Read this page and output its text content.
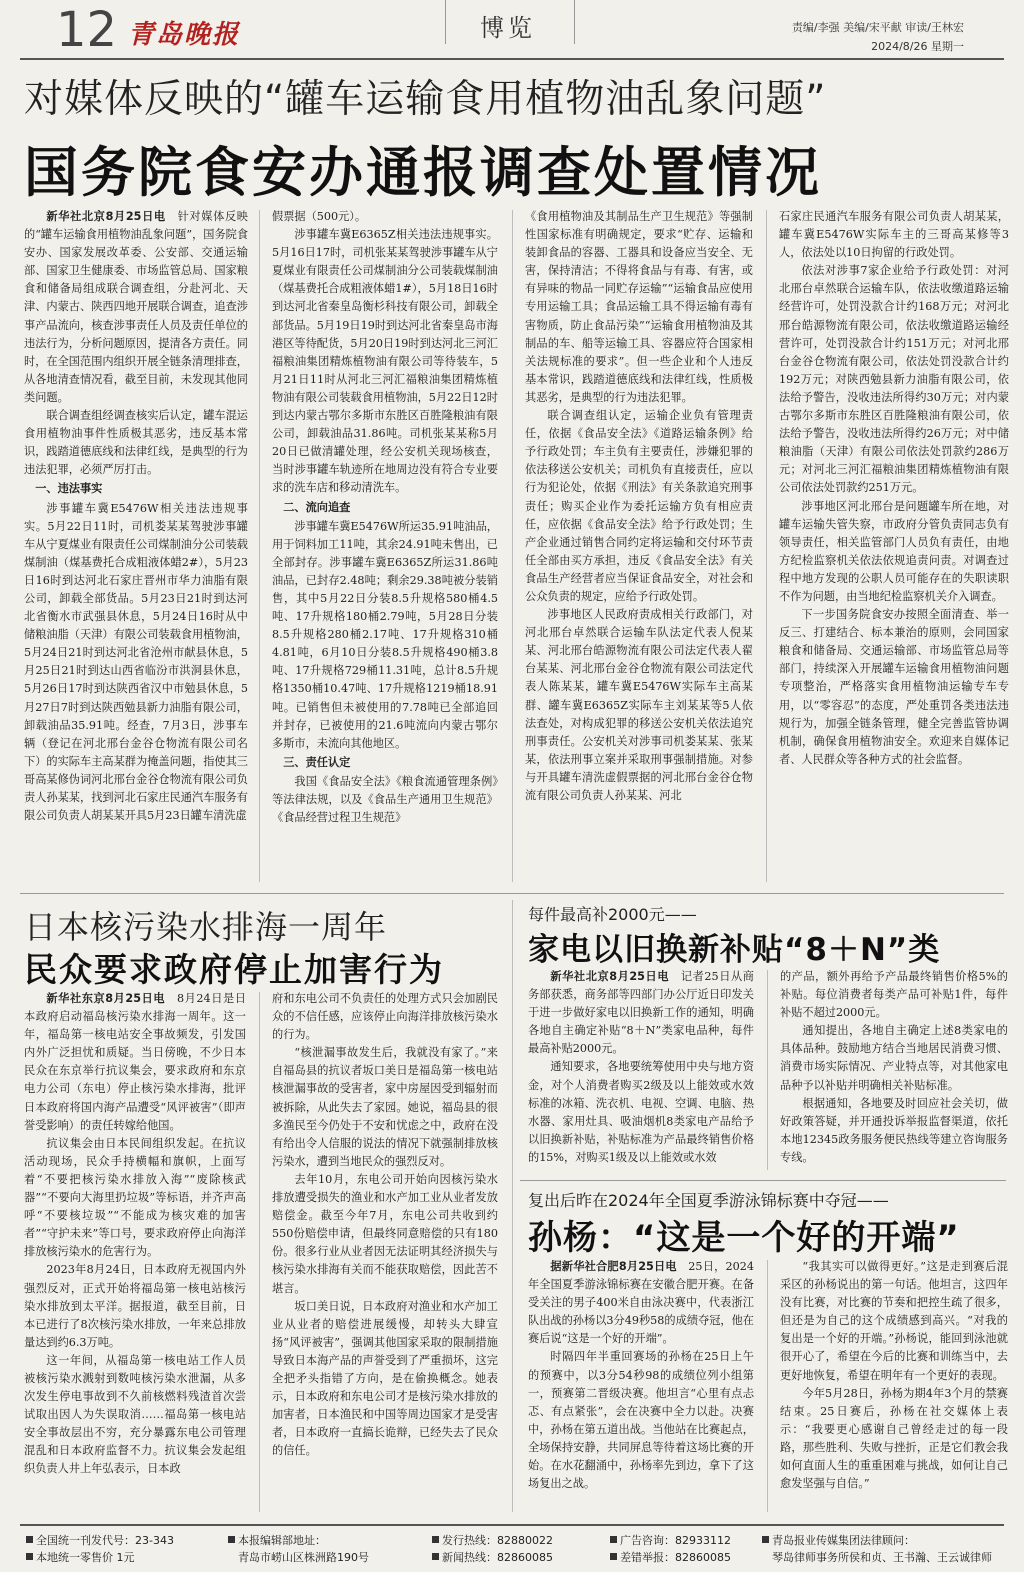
12 青岛晚报	博览	责编/李强 美编/宋平献 审读/王林宏
2024/8/26 星期一
对媒体反映的“罐车运输食用植物油乱象问题”
国务院食安办通报调查处置情况

新华社北京8月25日电　 针对媒体反映的“罐车运输食用植物油乱象问题”，国务院食安办、国家发展改革委、公安部、交通运输部、国家卫生健康委、市场监管总局、国家粮食和储备局组成联合调查组，分赴河北、天津、内蒙古、陕西四地开展联合调查，追查涉事产品流向，核查涉事责任人员及责任单位的违法行为，分析问题原因，提清各方责任。同时，在全国范围内组织开展全链条清理排查，从各地清查情况看，截至目前，未发现其他同类问题。

联合调查组经调查核实后认定，罐车混运食用植物油事件性质极其恶劣，违反基本常识，践踏道德底线和法律红线，是典型的行为违法犯罪，必须严厉打击。

一、违法事实

涉事罐车冀E5476W相关违法违规事实。5月22日11时，司机娄某某驾驶涉事罐车从宁夏煤业有限责任公司煤制油分公司装载煤制油（煤基费托合成粗液体蜡2#），5月23日16时到达河北石家庄晋州市华力油脂有限公司，卸载全部货品。5月23日21时到达河北省衡水市武强县休息，5月24日16时从中储粮油脂（天津）有限公司装载食用植物油，5月24日21时到达河北省沧州市献县休息，5月25日21时到达山西省临汾市洪洞县休息，5月26日17时到达陕西省汉中市勉县休息，5月27日7时到达陕西勉县新力油脂有限公司，卸载油品35.91吨。经查，7月3日，涉事车辆（登记在河北邢台金谷仓物流有限公司名下）的实际车主高某群为掩盖问题，指使其三哥高某修伪词河北邢台金谷仓物流有限公司负责人孙某某，找到河北石家庄民通汽车服务有限公司负责人胡某某开具5月23日罐车清洗虚

假票据（500元）。

涉事罐车冀E6365Z相关违法违规事实。5月16日17时，司机张某某驾驶涉事罐车从宁夏煤业有限责任公司煤制油分公司装载煤制油（煤基费托合成粗液体蜡1#），5月18日16时到达河北省秦皇岛衡杉科技有限公司，卸载全部货品。5月19日19时到达河北省秦皇岛市海港区等待配货，5月20日19时到达河北三河汇福粮油集团精炼植物油有限公司等待装车，5月21日11时从河北三河汇福粮油集团精炼植物油有限公司装载食用植物油，5月22日12时到达内蒙古鄂尔多斯市东胜区百胜隆粮油有限公司，卸载油品31.86吨。司机张某某称5月20日已做清罐处理，经公安机关现场核查，当时涉事罐车轨迹所在地周边没有符合专业要求的洗车店和移动清洗车。

二、流向追查

涉事罐车冀E5476W所运35.91吨油品，用于饲料加工11吨，其余24.91吨未售出，已全部封存。涉事罐车冀E6365Z所运31.86吨油品，已封存2.48吨；剩余29.38吨被分装销售，其中5月22日分装8.5升规格580桶4.5吨、17升规格180桶2.79吨，5月28日分装8.5升规格280桶2.17吨、17升规格310桶4.81吨，6月10日分装8.5升规格490桶3.8吨、17升规格729桶11.31吨，总计8.5升规格1350桶10.47吨、17升规格1219桶18.91吨。已销售但未被使用的7.78吨已全部追回并封存，已被使用的21.6吨流向内蒙古鄂尔多斯市，未流向其他地区。

三、责任认定

我国《食品安全法》《粮食流通管理条例》等法律法规，以及《食品生产通用卫生规范》《食品经营过程卫生规范》

《食用植物油及其制品生产卫生规范》等强制性国家标准有明确规定，要求“贮存、运输和装卸食品的容器、工器具和设备应当安全、无害，保持清洁；不得将食品与有毒、有害，或有异味的物品一同贮存运输”“运输食品应使用专用运输工具；食品运输工具不得运输有毒有害物质，防止食品污染”“运输食用植物油及其制品的车、船等运输工具、容器应符合国家相关法规标准的要求”。但一些企业和个人违反基本常识，践踏道德底线和法律红线，性质极其恶劣，是典型的行为违法犯罪。

联合调查组认定，运输企业负有管理责任，依据《食品安全法》《道路运输条例》给予行政处罚；车主负有主要责任，涉嫌犯罪的依法移送公安机关；司机负有直接责任，应以行为犯论处，依据《刑法》有关条款追究刑事责任；购买企业作为委托运输方负有相应责任，应依据《食品安全法》给予行政处罚；生产企业通过销售合同约定将运输和交付环节责任全部由买方承担，违反《食品安全法》有关食品生产经营者应当保证食品安全，对社会和公众负责的规定，应给予行政处罚。

涉事地区人民政府责成相关行政部门，对河北邢台卓然联合运输车队法定代表人倪某某、河北邢台皓源物流有限公司法定代表人翟台某某、河北邢台金谷仓物流有限公司法定代表人陈某某，罐车冀E5476W实际车主高某群、罐车冀E6365Z实际车主刘某某等5人依法查处，对构成犯罪的移送公安机关依法追究刑事责任。公安机关对涉事司机娄某某、张某某，依法刑事立案并采取刑事强制措施。对参与开具罐车清洗虚假票据的河北邢台金谷仓物流有限公司负责人孙某某、河北

石家庄民通汽车服务有限公司负责人胡某某，罐车冀E5476W实际车主的三哥高某修等3人，依法处以10日拘留的行政处罚。

依法对涉事7家企业给予行政处罚：对河北邢台卓然联合运输车队，依法收缴道路运输经营许可，处罚没款合计约168万元；对河北邢台皓源物流有限公司，依法收缴道路运输经营许可，处罚没款合计约151万元；对河北邢台金谷仓物流有限公司，依法处罚没款合计约192万元；对陕西勉县新力油脂有限公司，依法给予警告，没收违法所得约30万元；对内蒙古鄂尔多斯市东胜区百胜隆粮油有限公司，依法给予警告，没收违法所得约26万元；对中储粮油脂（天津）有限公司依法处罚款约286万元；对河北三河汇福粮油集团精炼植物油有限公司依法处罚款约251万元。

涉事地区河北邢台是问题罐车所在地，对罐车运输失管失察，市政府分管负责同志负有领导责任，相关监管部门人员负有责任，由地方纪检监察机关依法依规追责问责。对调查过程中地方发现的公职人员可能存在的失职读职不作为问题，由当地纪检监察机关介入调查。

下一步国务院食安办按照全面清查、举一反三、打建结合、标本兼治的原则，会同国家粮食和储备局、交通运输部、市场监管总局等部门，持续深入开展罐车运输食用植物油问题专项整治，严格落实食用植物油运输专车专用，以“零容忍”的态度，严处重罚各类违法违规行为，加强全链条管理，健全完善监管协调机制，确保食用植物油安全。欢迎来自媒体记者、人民群众等各种方式的社会监督。

日本核污染水排海一周年
民众要求政府停止加害行为

新华社东京8月25日电　 8月24日是日本政府启动福岛核污染水排海一周年。这一年，福岛第一核电站安全事故频发，引发国内外广泛担忧和质疑。当日傍晚，不少日本民众在东京举行抗议集会，要求政府和东京电力公司（东电）停止核污染水排海，批评日本政府将国内海产品遭受“风评被害”（即声誉受影响）的责任转嫁给他国。

抗议集会由日本民间组织发起。在抗议活动现场，民众手持横幅和旗帜，上面写着“不要把核污染水排放入海”“废除核武器”“不要向大海里扔垃圾”等标语，并齐声高呼“不要核垃圾”“不能成为核灾难的加害者”“守护未来”等口号，要求政府停止向海洋排放核污染水的危害行为。

2023年8月24日，日本政府无视国内外强烈反对，正式开始将福岛第一核电站核污染水排放到太平洋。据报道，截至目前，日本已进行了8次核污染水排放，一年来总排放量达到约6.3万吨。

这一年间，从福岛第一核电站工作人员被核污染水溅射到数吨核污染水泄漏，从多次发生停电事故到不久前核燃料残渣首次尝试取出因人为失误取消……福岛第一核电站安全事故层出不穷，充分暴露东电公司管理混乱和日本政府监督不力。抗议集会发起组织负责人井上年弘表示，日本政

府和东电公司不负责任的处理方式只会加剧民众的不信任感，应该停止向海洋排放核污染水的行为。

“核泄漏事故发生后，我就没有家了。”来自福岛县的抗议者坂口美日是福岛第一核电站核泄漏事故的受害者，家中房屋因受到辐射而被拆除，从此失去了家园。她说，福岛县的很多渔民至今仍处于不安和忧虑之中，政府在没有给出令人信服的说法的情况下就强制排放核污染水，遭到当地民众的强烈反对。

去年10月，东电公司开始向因核污染水排放遭受损失的渔业和水产加工业从业者发放赔偿金。截至今年7月，东电公司共收到约550份赔偿申请，但最终同意赔偿的只有180份。很多行业从业者因无法证明其经济损失与核污染水排海有关而不能获取赔偿，因此苦不堪言。

坂口美日说，日本政府对渔业和水产加工业从业者的赔偿进展缓慢，却转头大肆宣扬“风评被害”，强调其他国家采取的限制措施导致日本海产品的声誉受到了严重损坏，这完全把矛头指错了方向，是在偷换概念。她表示，日本政府和东电公司才是核污染水排放的加害者，日本渔民和中国等周边国家才是受害者，日本政府一直搞长诡辩，已经失去了民众的信任。

每件最高补2000元——
家电以旧换新补贴“8＋N”类

新华社北京8月25日电　 记者25日从商务部获悉，商务部等四部门办公厅近日印发关于进一步做好家电以旧换新工作的通知，明确各地自主确定补贴“8＋N”类家电品种，每件最高补贴2000元。

通知要求，各地要统筹使用中央与地方资金，对个人消费者购买2级及以上能效或水效标准的冰箱、洗衣机、电视、空调、电脑、热水器、家用灶具、吸油烟机8类家电产品给予以旧换新补贴，补贴标准为产品最终销售价格的15%，对购买1级及以上能效或水效

的产品，额外再给予产品最终销售价格5%的补贴。每位消费者每类产品可补贴1件，每件补贴不超过2000元。

通知提出，各地自主确定上述8类家电的具体品种。鼓励地方结合当地居民消费习惯、消费市场实际情况、产业特点等，对其他家电品种予以补贴并明确相关补贴标准。

根据通知，各地要及时回应社会关切，做好政策答疑，并开通投诉举报监督渠道，依托本地12345政务服务便民热线等建立咨询服务专线。

复出后昨在2024年全国夏季游泳锦标赛中夺冠——
孙杨：“这是一个好的开端”

据新华社合肥8月25日电　 25日，2024年全国夏季游泳锦标赛在安徽合肥开赛。在备受关注的男子400米自由泳决赛中，代表浙江队出战的孙杨以3分49秒58的成绩夺冠，他在赛后说“这是一个好的开端”。

时隔四年半重回赛场的孙杨在25日上午的预赛中，以3分54秒98的成绩位列小组第一，预赛第二晋级决赛。他坦言“心里有点忐忑、有点紧张”，会在决赛中全力以赴。决赛中，孙杨在第五道出战。当他站在比赛起点，全场保持安静，共同屏息等待着这场比赛的开始。在水花翻涌中，孙杨率先到边，拿下了这场复出之战。

“我其实可以做得更好。”这是走到赛后混采区的孙杨说出的第一句话。他坦言，这四年没有比赛，对比赛的节奏和把控生疏了很多，但还是为自己的这个成绩感到高兴。“对我的复出是一个好的开端。”孙杨说，能回到泳池就很开心了，希望在今后的比赛和训练当中，去更好地恢复，希望在明年有一个更好的表现。

今年5月28日，孙杨为期4年3个月的禁赛结束。25日赛后，孙杨在社交媒体上表示：“我要更心感谢自己曾经走过的每一段路，那些胜利、失败与挫折，正是它们教会我如何直面人生的重重困难与挑战，如何让自己愈发坚强与自信。”

全国统一刊发代号：23-343
本地统一零售价 1元
本报编辑部地址：
青岛市崂山区株洲路190号
发行热线：82880022
新闻热线：82860085
广告咨询：82933112
差错举报：82860085
青岛报业传媒集团法律顾问：
琴岛律师事务所侯和贞、王书瀚、王云诚律师
